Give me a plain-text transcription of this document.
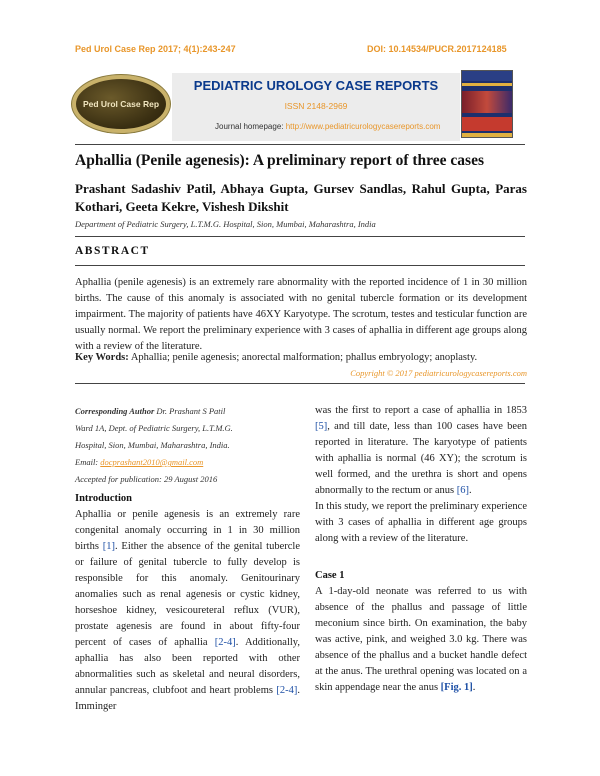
Ped Urol Case Rep 2017; 4(1):243-247	DOI: 10.14534/PUCR.2017124185
Ped Urol Case Rep
PEDIATRIC UROLOGY CASE REPORTS
ISSN 2148-2969
Journal homepage: http://www.pediatricurologycasereports.com
Aphallia (Penile agenesis): A preliminary report of three cases
Prashant Sadashiv Patil, Abhaya Gupta, Gursev Sandlas, Rahul Gupta, Paras Kothari, Geeta Kekre, Vishesh Dikshit
Department of Pediatric Surgery, L.T.M.G. Hospital, Sion, Mumbai, Maharashtra, India
ABSTRACT
Aphallia (penile agenesis) is an extremely rare abnormality with the reported incidence of 1 in 30 million births. The cause of this anomaly is associated with no genital tubercle formation or its development impairment. The majority of patients have 46XY Karyotype. The scrotum, testes and testicular function are usually normal. We report the preliminary experience with 3 cases of aphallia in different age groups along with a review of the literature.
Key Words: Aphallia; penile agenesis; anorectal malformation; phallus embryology; anoplasty.
Copyright © 2017 pediatricurologycasereports.com
Corresponding Author Dr. Prashant S Patil
Ward 1A, Dept. of Pediatric Surgery, L.T.M.G.
Hospital, Sion, Mumbai, Maharashtra, India.
Email: docprashant2010@gmail.com
Accepted for publication: 29 August 2016
Introduction
Aphallia or penile agenesis is an extremely rare congenital anomaly occurring in 1 in 30 million births [1]. Either the absence of the genital tubercle or failure of genital tubercle to fully develop is responsible for this anomaly. Genitourinary anomalies such as renal agenesis or cystic kidney, horseshoe kidney, vesicoureteral reflux (VUR), prostate agenesis are found in about fifty-four percent of cases of aphallia [2-4]. Additionally, aphallia has also been reported with other abnormalities such as skeletal and neural disorders, annular pancreas, clubfoot and heart problems [2-4]. Imminger
was the first to report a case of aphallia in 1853 [5], and till date, less than 100 cases have been reported in literature. The karyotype of patients with aphallia is normal (46 XY); the scrotum is well formed, and the urethra is short and opens abnormally to the rectum or anus [6].
In this study, we report the preliminary experience with 3 cases of aphallia in different age groups along with a review of the literature.
Case 1
A 1-day-old neonate was referred to us with absence of the phallus and passage of little meconium since birth. On examination, the baby was active, pink, and weighed 3.0 kg. There was absence of the phallus and a bucket handle defect at the anus. The urethral opening was located on a skin appendage near the anus [Fig. 1].
